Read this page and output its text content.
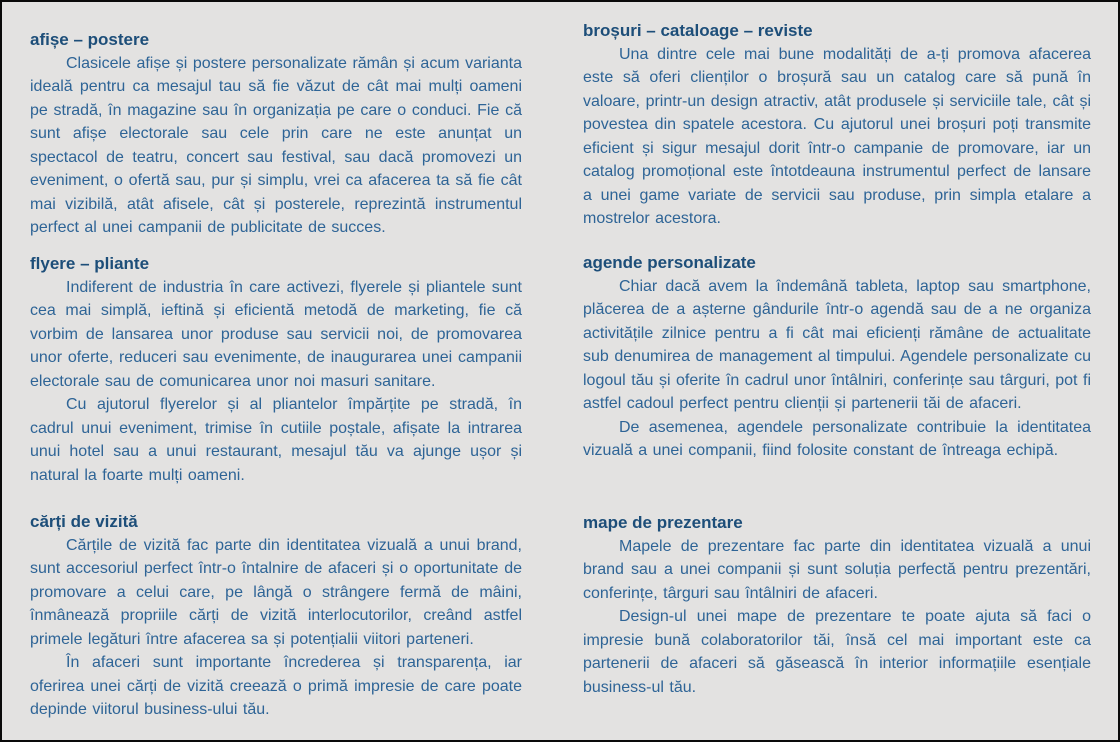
afișe – postere

Clasicele afișe și postere personalizate rămân și acum varianta ideală pentru ca mesajul tau să fie văzut de cât mai mulți oameni pe stradă, în magazine sau în organizația pe care o conduci. Fie că sunt afișe electorale sau cele prin care ne este anunțat un spectacol de teatru, concert sau festival, sau dacă promovezi un eveniment, o ofertă sau, pur și simplu, vrei ca afacerea ta să fie cât mai vizibilă, atât afisele, cât și posterele, reprezintă instrumentul perfect al unei campanii de publicitate de succes.

flyere – pliante

Indiferent de industria în care activezi, flyerele și pliantele sunt cea mai simplă, ieftină și eficientă metodă de marketing, fie că vorbim de lansarea unor produse sau servicii noi, de promovarea unor oferte, reduceri sau evenimente, de inaugurarea unei campanii electorale sau de comunicarea unor noi masuri sanitare.

Cu ajutorul flyerelor și al pliantelor împărțite pe stradă, în cadrul unui eveniment, trimise în cutiile poștale, afișate la intrarea unui hotel sau a unui restaurant, mesajul tău va ajunge ușor și natural la foarte mulți oameni.

cărți de vizită

Cărțile de vizită fac parte din identitatea vizuală a unui brand, sunt accesoriul perfect într-o întalnire de afaceri și o oportunitate de promovare a celui care, pe lângă o strângere fermă de mâini, înmânează propriile cărți de vizită interlocutorilor, creând astfel primele legături între afacerea sa și potențialii viitori parteneri.

În afaceri sunt importante încrederea și transparența, iar oferirea unei cărți de vizită creează o primă impresie de care poate depinde viitorul business-ului tău.

broșuri – cataloage – reviste

Una dintre cele mai bune modalități de a-ți promova afacerea este să oferi clienților o broșură sau un catalog care să pună în valoare, printr-un design atractiv, atât produsele și serviciile tale, cât și povestea din spatele acestora. Cu ajutorul unei broșuri poți transmite eficient și sigur mesajul dorit într-o campanie de promovare, iar un catalog promoțional este întotdeauna instrumentul perfect de lansare a unei game variate de servicii sau produse, prin simpla etalare a mostrelor acestora.

agende personalizate

Chiar dacă avem la îndemână tableta, laptop sau smartphone, plăcerea de a așterne gândurile într-o agendă sau de a ne organiza activitățile zilnice pentru a fi cât mai eficienți rămâne de actualitate sub denumirea de management al timpului. Agendele personalizate cu logoul tău și oferite în cadrul unor întâlniri, conferințe sau târguri, pot fi astfel cadoul perfect pentru clienții și partenerii tăi de afaceri.

De asemenea, agendele personalizate contribuie la identitatea vizuală a unei companii, fiind folosite constant de întreaga echipă.

mape de prezentare

Mapele de prezentare fac parte din identitatea vizuală a unui brand sau a unei companii și sunt soluția perfectă pentru prezentări, conferințe, târguri sau întâlniri de afaceri.

Design-ul unei mape de prezentare te poate ajuta să faci o impresie bună colaboratorilor tăi, însă cel mai important este ca partenerii de afaceri să găsească în interior informațiile esențiale business-ul tău.
